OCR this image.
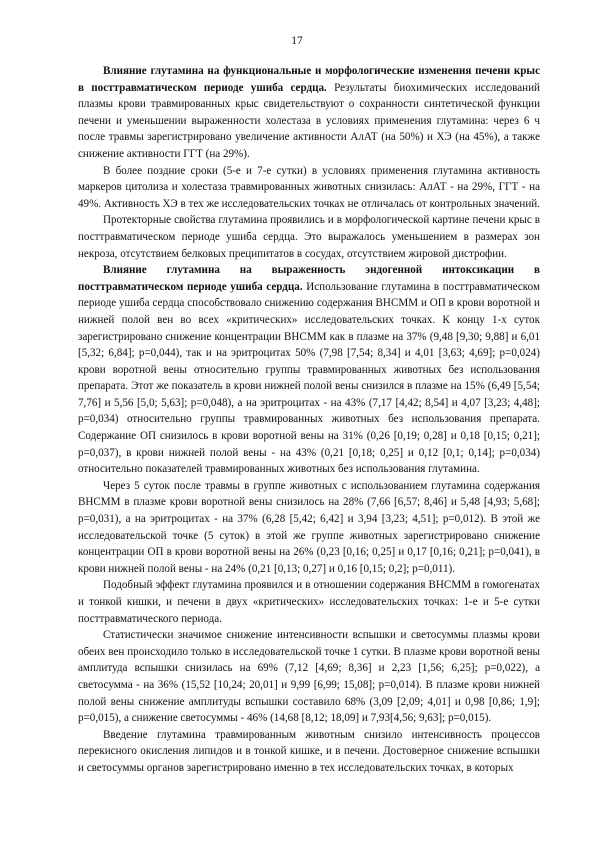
17

Влияние глутамина на функциональные и морфологические изменения печени крыс в посттравматическом периоде ушиба сердца. Результаты биохимических исследований плазмы крови травмированных крыс свидетельствуют о сохранности синтетической функции печени и уменьшении выраженности холестаза в условиях применения глутамина: через 6 ч после травмы зарегистрировано увеличение активности АлАТ (на 50%) и ХЭ (на 45%), а также снижение активности ГГТ (на 29%).

В более поздние сроки (5-е и 7-е сутки) в условиях применения глутамина активность маркеров цитолиза и холестаза травмированных животных снизилась: АлАТ - на 29%, ГГТ - на 49%. Активность ХЭ в тех же исследовательских точках не отличалась от контрольных значений.

Протекторные свойства глутамина проявились и в морфологической картине печени крыс в посттравматическом периоде ушиба сердца. Это выражалось уменьшением в размерах зон некроза, отсутствием белковых преципитатов в сосудах, отсутствием жировой дистрофии.

Влияние глутамина на выраженность эндогенной интоксикации в посттравматическом периоде ушиба сердца. Использование глутамина в посттравматическом периоде ушиба сердца способствовало снижению содержания ВНСММ и ОП в крови воротной и нижней полой вен во всех «критических» исследовательских точках. К концу 1-х суток зарегистрировано снижение концентрации ВНСММ как в плазме на 37% (9,48 [9,30; 9,88] и 6,01 [5,32; 6,84]; р=0,044), так и на эритроцитах 50% (7,98 [7,54; 8,34] и 4,01 [3,63; 4,69]; р=0,024) крови воротной вены относительно группы травмированных животных без использования препарата. Этот же показатель в крови нижней полой вены снизился в плазме на 15% (6,49 [5,54; 7,76] и 5,56 [5,0; 5,63]; р=0,048), а на эритроцитах - на 43% (7,17 [4,42; 8,54] и 4,07 [3,23; 4,48]; р=0,034) относительно группы травмированных животных без использования препарата. Содержание ОП снизилось в крови воротной вены на 31% (0,26 [0,19; 0,28] и 0,18 [0,15; 0,21]; р=0,037), в крови нижней полой вены - на 43% (0,21 [0,18; 0,25] и 0,12 [0,1; 0,14]; р=0,034) относительно показателей травмированных животных без использования глутамина.

Через 5 суток после травмы в группе животных с использованием глутамина содержания ВНСММ в плазме крови воротной вены снизилось на 28% (7,66 [6,57; 8,46] и 5,48 [4,93; 5,68]; р=0,031), а на эритроцитах - на 37% (6,28 [5,42; 6,42] и 3,94 [3,23; 4,51]; р=0,012). В этой же исследовательской точке (5 суток) в этой же группе животных зарегистрировано снижение концентрации ОП в крови воротной вены на 26% (0,23 [0,16; 0,25] и 0,17 [0,16; 0,21]; р=0,041), в крови нижней полой вены - на 24% (0,21 [0,13; 0,27] и 0,16 [0,15; 0,2]; р=0,011).

Подобный эффект глутамина проявился и в отношении содержания ВНСММ в гомогенатах и тонкой кишки, и печени в двух «критических» исследовательских точках: 1-е и 5-е сутки посттравматического периода.

Статистически значимое снижение интенсивности вспышки и светосуммы плазмы крови обеих вен происходило только в исследовательской точке 1 сутки. В плазме крови воротной вены амплитуда вспышки снизилась на 69% (7,12 [4,69; 8,36] и 2,23 [1,56; 6,25]; р=0,022), а светосумма - на 36% (15,52 [10,24; 20,01] и 9,99 [6,99; 15,08]; р=0,014). В плазме крови нижней полой вены снижение амплитуды вспышки составило 68% (3,09 [2,09; 4,01] и 0,98 [0,86; 1,9]; р=0,015), а снижение светосуммы - 46% (14,68 [8,12; 18,09] и 7,93[4,56; 9,63]; р=0,015).

Введение глутамина травмированным животным снизило интенсивность процессов перекисного окисления липидов и в тонкой кишке, и в печени. Достоверное снижение вспышки и светосуммы органов зарегистрировано именно в тех исследовательских точках, в которых
